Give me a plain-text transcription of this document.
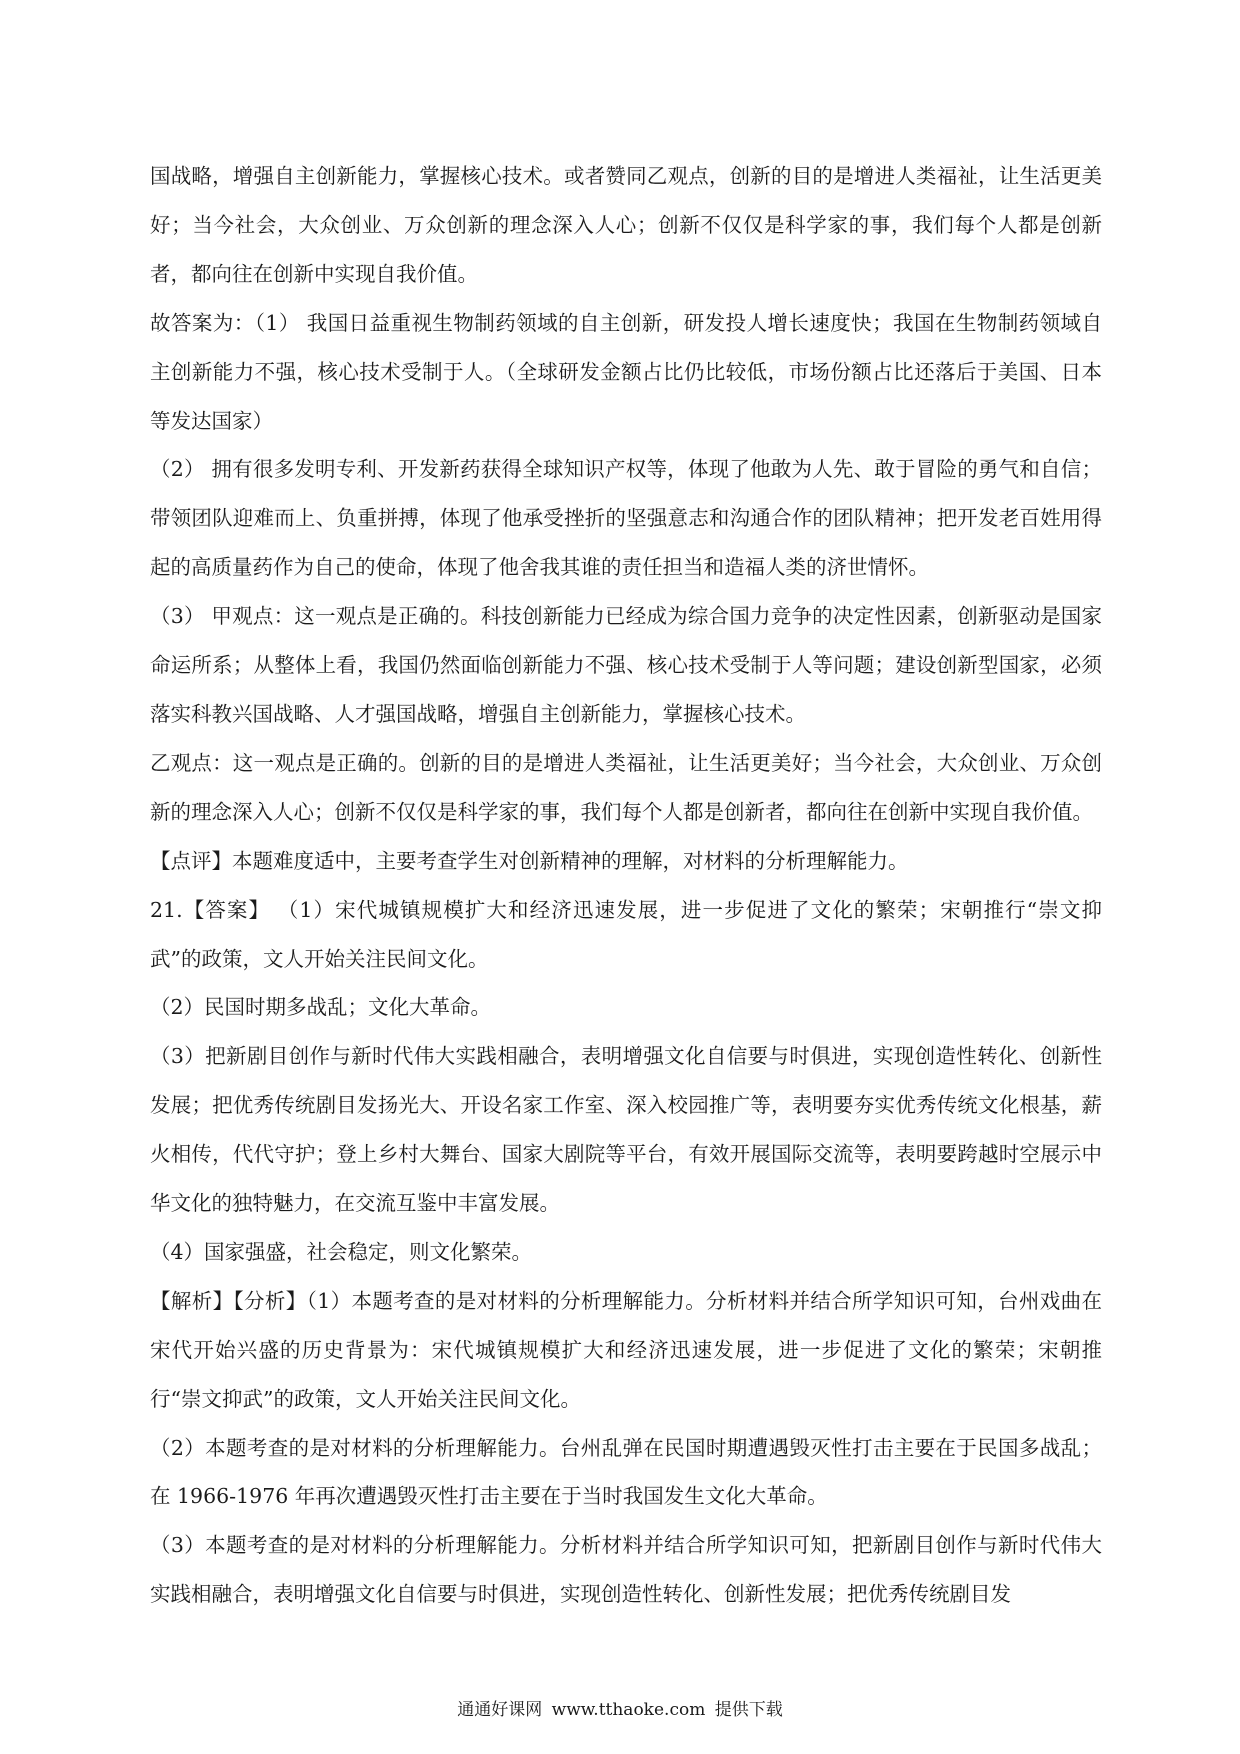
国战略，增强自主创新能力，掌握核心技术。或者赞同乙观点，创新的目的是增进人类福祉，让生活更美好；当今社会，大众创业、万众创新的理念深入人心；创新不仅仅是科学家的事，我们每个人都是创新者，都向往在创新中实现自我价值。

故答案为：（1） 我国日益重视生物制药领域的自主创新，研发投人增长速度快；我国在生物制药领域自主创新能力不强，核心技术受制于人。（全球研发金额占比仍比较低，市场份额占比还落后于美国、日本等发达国家）

（2） 拥有很多发明专利、开发新药获得全球知识产权等，体现了他敢为人先、敢于冒险的勇气和自信；带领团队迎难而上、负重拼搏，体现了他承受挫折的坚强意志和沟通合作的团队精神；把开发老百姓用得起的高质量药作为自己的使命，体现了他舍我其谁的责任担当和造福人类的济世情怀。

（3） 甲观点：这一观点是正确的。科技创新能力已经成为综合国力竞争的决定性因素，创新驱动是国家命运所系；从整体上看，我国仍然面临创新能力不强、核心技术受制于人等问题；建设创新型国家，必须落实科教兴国战略、人才强国战略，增强自主创新能力，掌握核心技术。

乙观点：这一观点是正确的。创新的目的是增进人类福祉，让生活更美好；当今社会，大众创业、万众创新的理念深入人心；创新不仅仅是科学家的事，我们每个人都是创新者，都向往在创新中实现自我价值。

【点评】本题难度适中，主要考查学生对创新精神的理解，对材料的分析理解能力。

21.【答案】 （1）宋代城镇规模扩大和经济迅速发展，进一步促进了文化的繁荣；宋朝推行“崇文抑武”的政策，文人开始关注民间文化。

（2）民国时期多战乱；文化大革命。

（3）把新剧目创作与新时代伟大实践相融合，表明增强文化自信要与时俱进，实现创造性转化、创新性发展；把优秀传统剧目发扬光大、开设名家工作室、深入校园推广等，表明要夯实优秀传统文化根基，薪火相传，代代守护；登上乡村大舞台、国家大剧院等平台，有效开展国际交流等，表明要跨越时空展示中华文化的独特魅力，在交流互鉴中丰富发展。

（4）国家强盛，社会稳定，则文化繁荣。

【解析】【分析】（1）本题考查的是对材料的分析理解能力。分析材料并结合所学知识可知，台州戏曲在宋代开始兴盛的历史背景为：宋代城镇规模扩大和经济迅速发展，进一步促进了文化的繁荣；宋朝推行“崇文抑武”的政策，文人开始关注民间文化。

（2）本题考查的是对材料的分析理解能力。台州乱弹在民国时期遭遇毁灭性打击主要在于民国多战乱；在 1966-1976 年再次遭遇毁灭性打击主要在于当时我国发生文化大革命。

（3）本题考查的是对材料的分析理解能力。分析材料并结合所学知识可知，把新剧目创作与新时代伟大实践相融合，表明增强文化自信要与时俱进，实现创造性转化、创新性发展；把优秀传统剧目发

通通好课网 www.tthaoke.com 提供下载
